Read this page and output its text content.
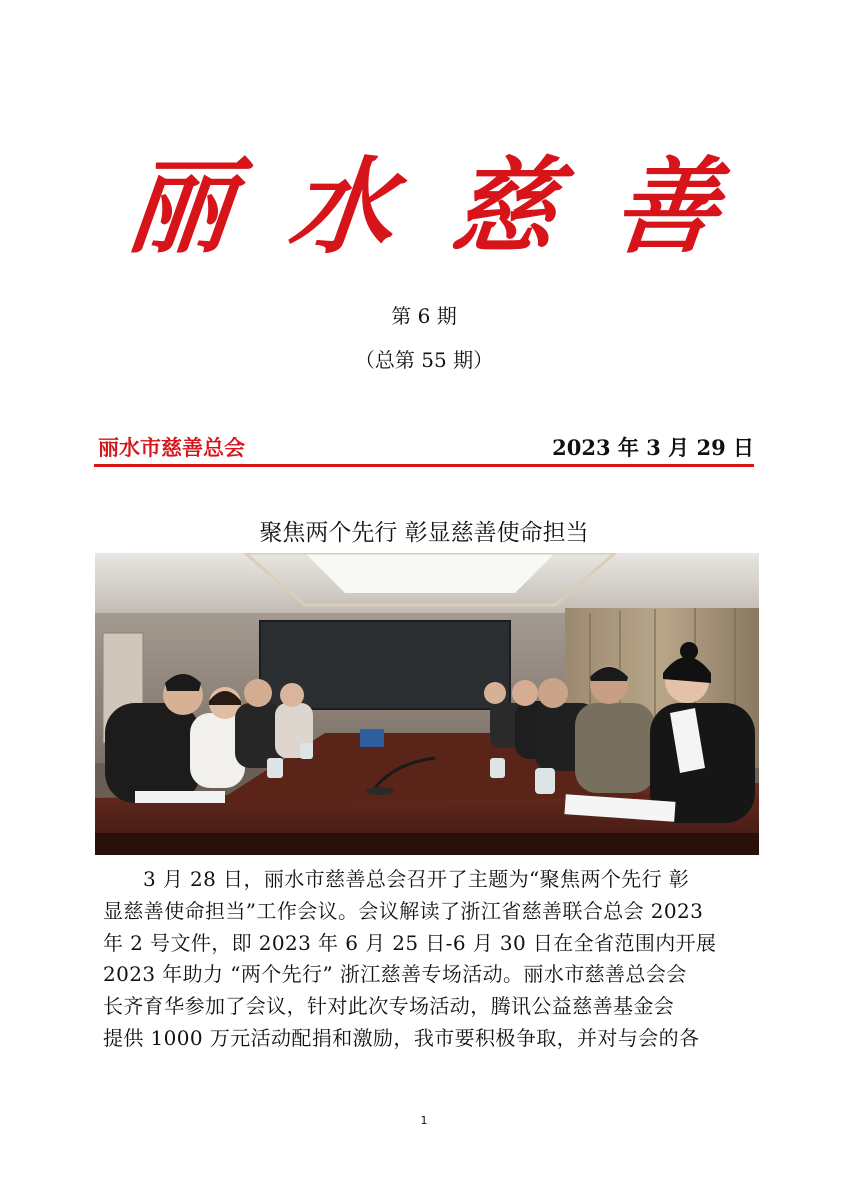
丽 水 慈 善
第 6 期
（总第 55 期）
丽水市慈善总会	2023 年 3 月 29 日
聚焦两个先行 彰显慈善使命担当
3 月 28 日，丽水市慈善总会召开了主题为“聚焦两个先行 彰
显慈善使命担当”工作会议。会议解读了浙江省慈善联合总会 2023
年 2 号文件，即 2023 年 6 月 25 日-6 月 30 日在全省范围内开展
2023 年助力 “两个先行” 浙江慈善专场活动。丽水市慈善总会会
长齐育华参加了会议，针对此次专场活动，腾讯公益慈善基金会
提供 1000 万元活动配捐和激励，我市要积极争取，并对与会的各
1
